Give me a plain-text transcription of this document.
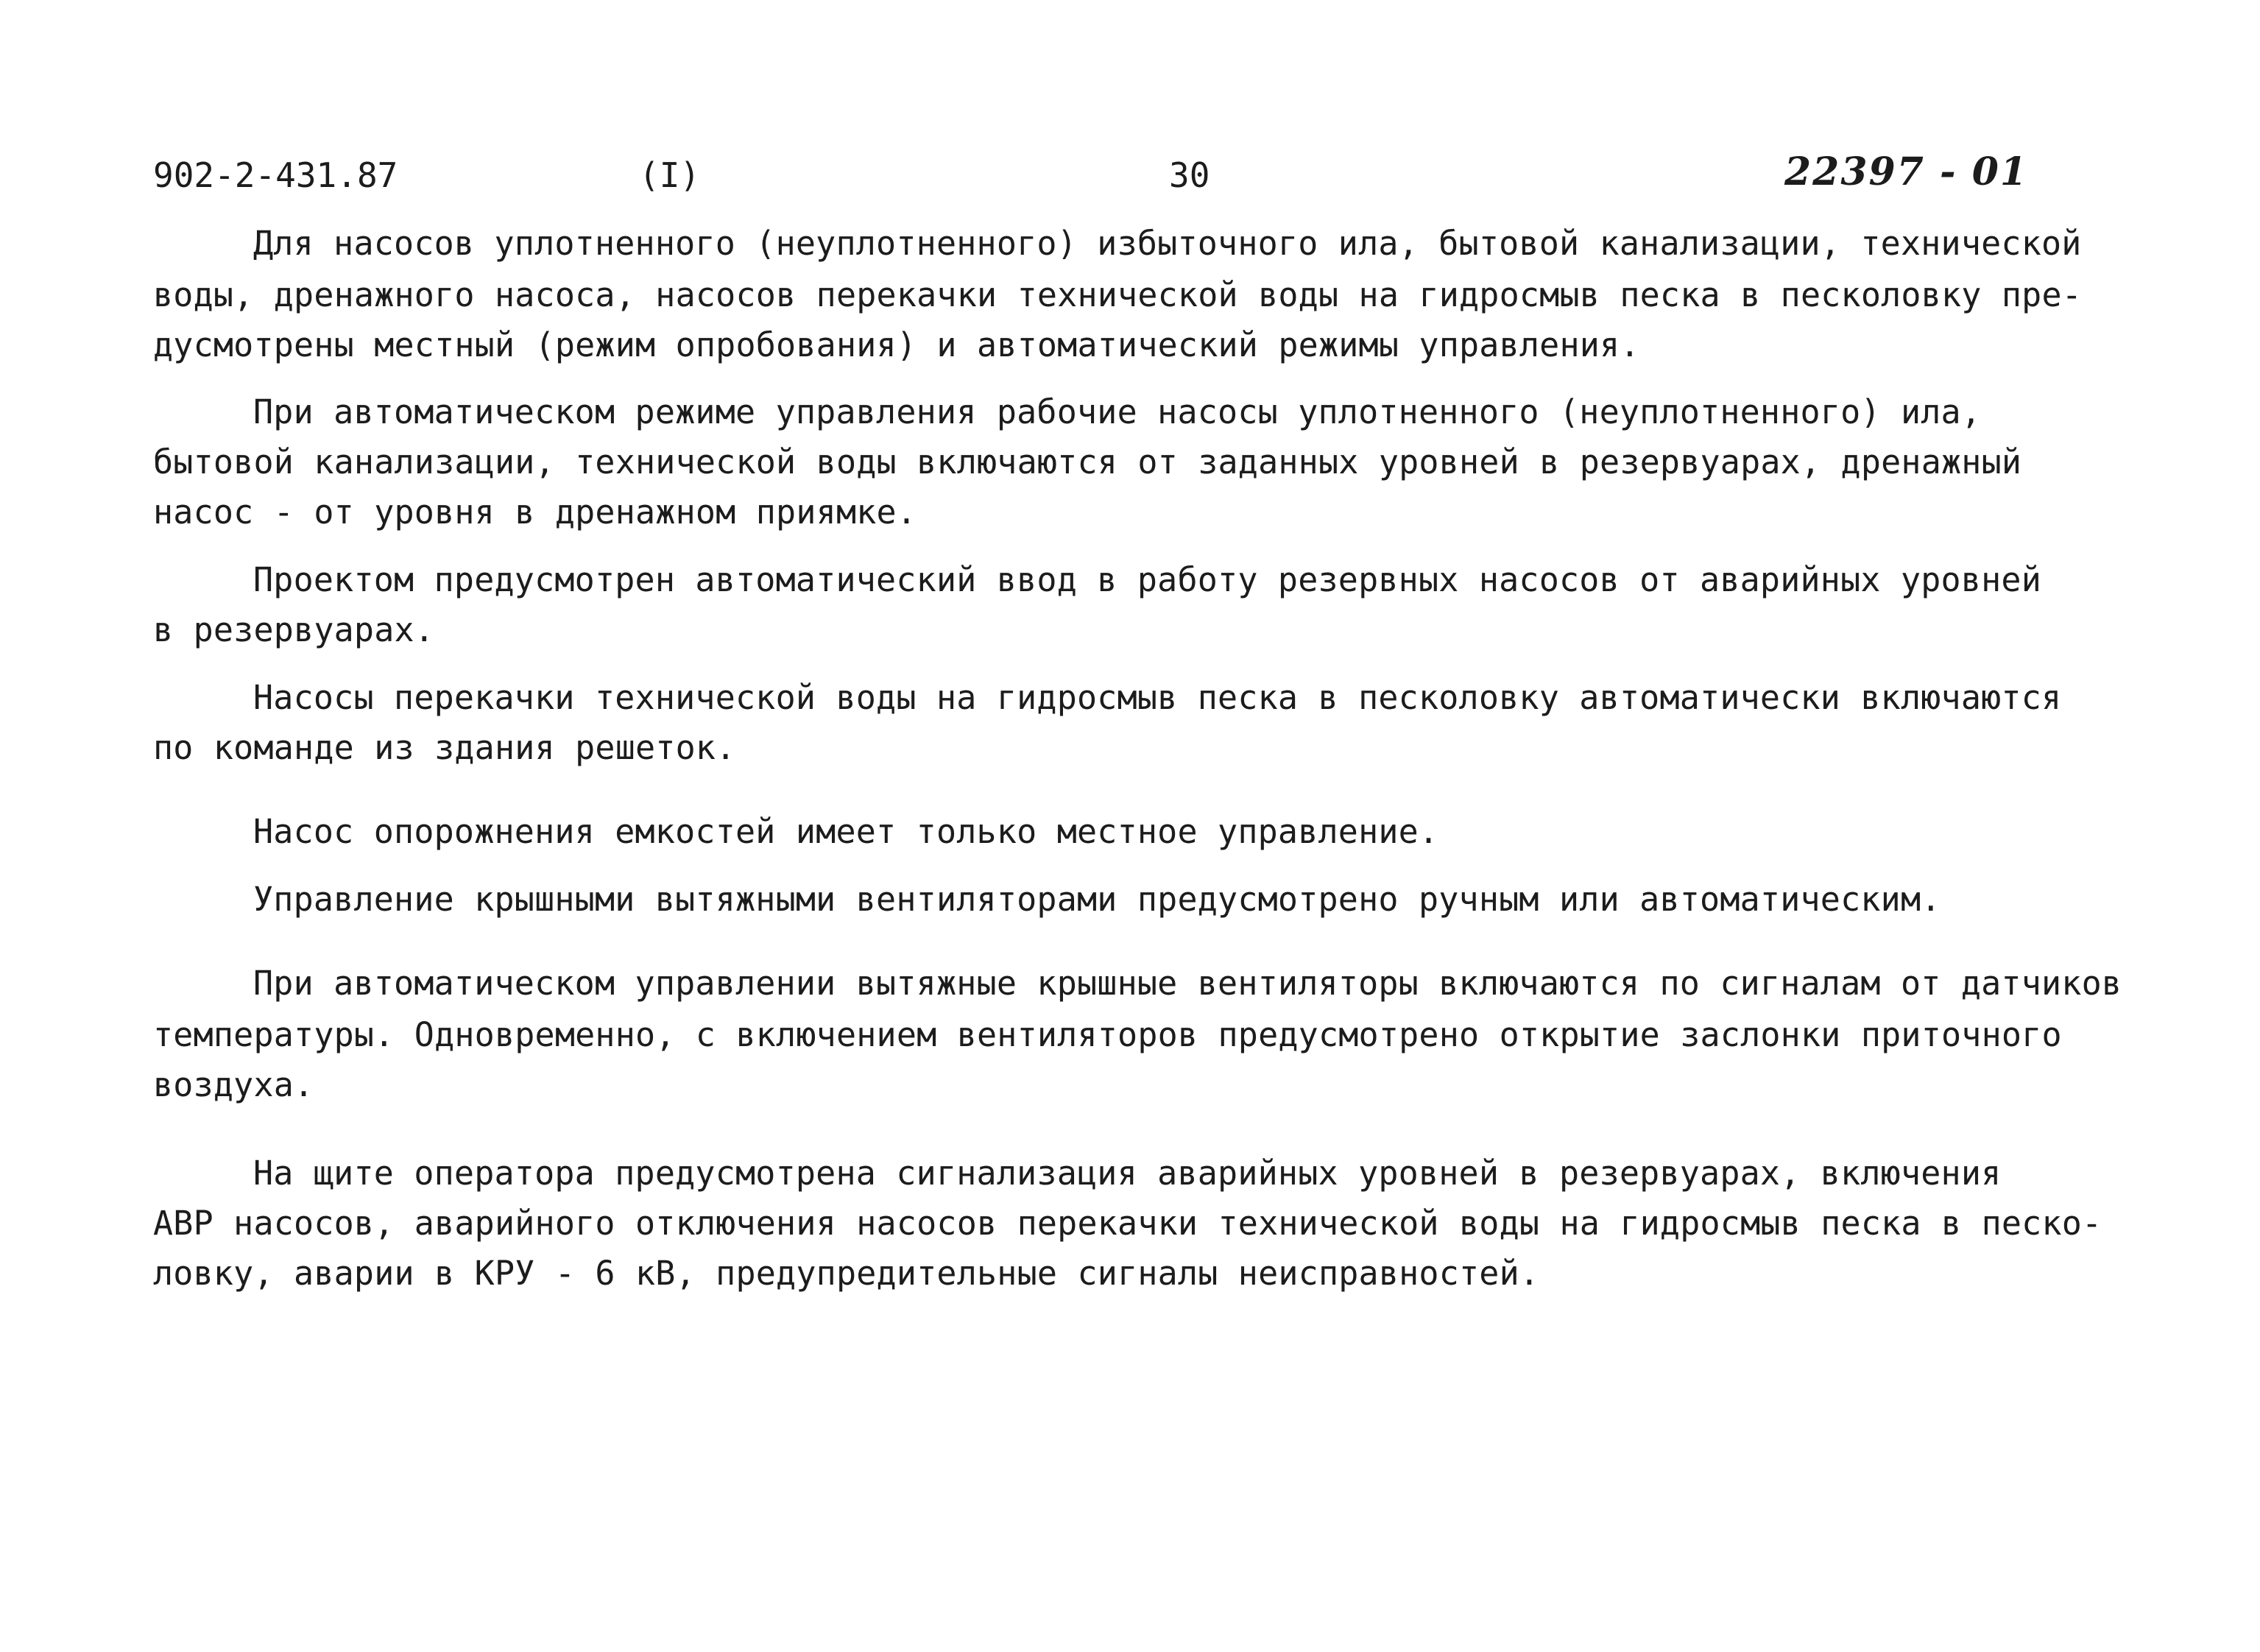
902-2-431.87	(I)	30	22397 - 01
Для насосов уплотненного (неуплотненного) избыточного ила, бытовой канализации, технической
воды, дренажного насоса, насосов перекачки технической воды на гидросмыв песка в песколовку пре-
дусмотрены местный (режим опробования) и автоматический режимы управления.
При автоматическом режиме управления рабочие насосы уплотненного (неуплотненного) ила,
бытовой канализации, технической воды включаются от заданных уровней в резервуарах, дренажный
насос - от уровня в дренажном приямке.
Проектом предусмотрен автоматический ввод в работу резервных насосов от аварийных уровней
в резервуарах.
Насосы перекачки технической воды на гидросмыв песка в песколовку автоматически включаются
по команде из здания решеток.
Насос опорожнения емкостей имеет только местное управление.
Управление крышными вытяжными вентиляторами предусмотрено ручным или автоматическим.
При автоматическом управлении вытяжные крышные вентиляторы включаются по сигналам от датчиков
температуры. Одновременно, с включением вентиляторов предусмотрено открытие заслонки приточного
воздуха.
На щите оператора предусмотрена сигнализация аварийных уровней в резервуарах, включения
АВР насосов, аварийного отключения насосов перекачки технической воды на гидросмыв песка в песко-
ловку, аварии в КРУ - 6 кВ, предупредительные сигналы неисправностей.
